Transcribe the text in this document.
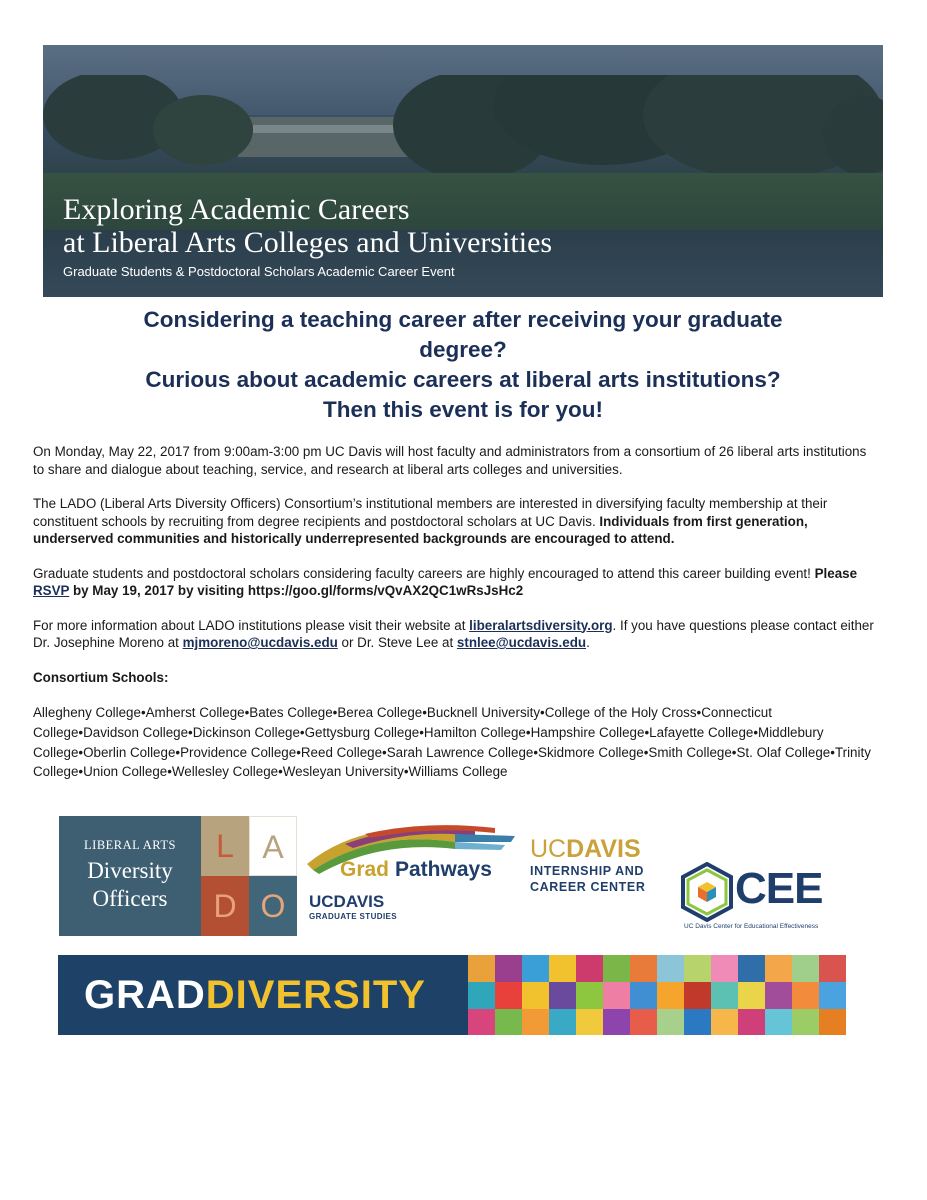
Exploring Academic Careers
at Liberal Arts Colleges and Universities
Graduate Students & Postdoctoral Scholars Academic Career Event
Considering a teaching career after receiving your graduate
degree?
Curious about academic careers at liberal arts institutions?
Then this event is for you!

On Monday, May 22, 2017 from 9:00am-3:00 pm UC Davis will host faculty and administrators from a consortium of 26 liberal arts institutions to share and dialogue about teaching, service, and research at liberal arts colleges and universities.

The LADO (Liberal Arts Diversity Officers) Consortium’s institutional members are interested in diversifying faculty membership at their constituent schools by recruiting from degree recipients and postdoctoral scholars at UC Davis. Individuals from first generation, underserved communities and historically underrepresented backgrounds are encouraged to attend.

Graduate students and postdoctoral scholars considering faculty careers are highly encouraged to attend this career building event! Please RSVP by May 19, 2017 by visiting https://goo.gl/forms/vQvAX2QC1wRsJsHc2

For more information about LADO institutions please visit their website at liberalartsdiversity.org. If you have questions please contact either Dr. Josephine Moreno at mjmoreno@ucdavis.edu or Dr. Steve Lee at stnlee@ucdavis.edu.

Consortium Schools:

Allegheny College•Amherst College•Bates College•Berea College•Bucknell University•College of the Holy Cross•Connecticut College•Davidson College•Dickinson College•Gettysburg College•Hamilton College•Hampshire College•Lafayette College•Middlebury College•Oberlin College•Providence College•Reed College•Sarah Lawrence College•Skidmore College•Smith College•St. Olaf College•Trinity College•Union College•Wellesley College•Wesleyan University•Williams College

LIBERAL ARTS
Diversity
Officers
L A
D O
Grad Pathways
UCDAVIS
GRADUATE STUDIES
UCDAVIS
INTERNSHIP AND
CAREER CENTER	CEE
UC Davis Center for Educational Effectiveness
GRADDIVERSITY
